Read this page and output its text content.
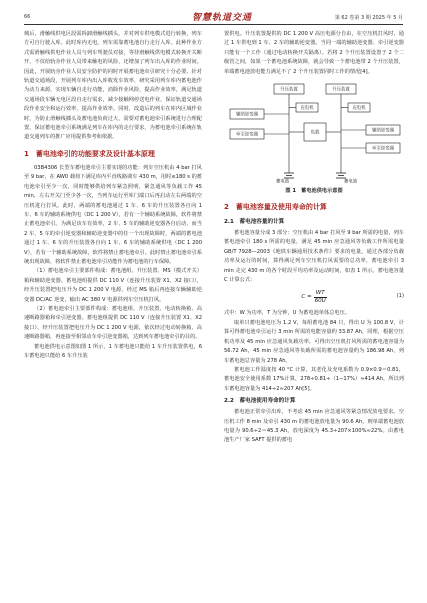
66	智慧轨道交通	第 62 卷第 3 期 2025 年 5 月

城后，滑触线供电区段需拆卸滑触线插头，并对列车供电模式进行转换，列车方可自行驶入库。此时库内无电，列车需靠蓄电池自行走行入库。此种作业方式需滑触线供电作业人员与列车驾驶员对接，等待滑触线供电模式转换开关断开，不仅给轨旁作业人员带来触电的风险，还增加了列车出入库的作业时间。因此，开展轨旁作业人员安全防护的同时开展蓄电池牵引研究十分必要。针对轨道交通场段，开展列车库内出入库收发车效率，研究采用列车库内蓄电池作为动力来源，实现车辆自走行功能，消除作业风险，提高作业效率，满足轨道交通场段车辆无电区段自走行需求，减少接触网停送电作业，保证轨道交通场段作业安全和运行效率，提高作业效率。同时，改造后的列车在库内区域作业时，为防止滑触线插头及蓄电池负荷过大，需要对蓄电池牵引系统进行合理配置，保证蓄电池牵引系统满足列车在库内的走行要求，为蓄电池牵引系统在轨道交通列车的推广应用提供参考和依据。

1　蓄电池牵引的功能要求及设计基本原理

03B4306 长型车蓄电池牵引主要实现的功能：列车空压机由 4 bar 打风至 9 bar，在 AW0 载荷下满足库内平直线路调车 430 m，用时≤180 s 的蓄电池牵引至少一次，同时能够供给列车紧急照明、紧急通风等负载工作 45 min，左右开关门至少各一次，当列车运行至库门端口后再启动左右两端的空压机进行打风。此时，两端的蓄电池通过 1 车、6 车的升压装置各自向 1 车、6 车的辅助系统供电（DC 1 200 V），若有一个辅助系统故障，软件将禁止蓄电池牵引。为满足该车有效率，2 车、5 车的辅助逆变器各自启动，而当 2 车、5 车的牵引逆变器和辅助逆变器中的任一个出现故障时，两端的蓄电池通过 1 车、6 车的升压装置各自向 1 车、6 车的辅助系统供电（DC 1 200 V），若有一个辅助系统故障，软件将禁止蓄电池牵引。此时禁止蓄电池牵引系统出现故障，将软件禁止蓄电池牵引功能作为蓄电池的行车保障。

（1）蓄电池牵引主要部件构成：蓄电池组、升压装置、MS（模式开关）箱和辅助逆变器。蓄电池组提供 DC 110 V（连接升压装置 X1、X2 接口），经升压装置把电压升为 DC 1 200 V 电源，经过 MS 箱后再连接车辆辅助逆变器 DC/AC 逆变，输出 AC 380 V 电源供列车空压机打风。

（2）蓄电池牵引主要部件构成：蓄电池组、升压装置、电动转换箱、高速断路器箱和牵引逆变器。蓄电池组提供 DC 110 V（连接升压装置 X1、X2 接口），经升压装置把电压升为 DC 1 200 V 电源，依次经过电动转换箱、高速断路器箱，再连接至相邻动车牵引逆变器箱，达到列车蓄电池牵引的目的。

蓄电池供电示意图如图 1 所示，1 车蓄电池只能给 1 车升压装置供电，6 车蓄电池只能给 6 车升压装

置供电。升压装置提供的 DC 1 200 V 高压电源分自由，在空压机打风时，通过 1 车供电到 1 车、2 车的辅助逆变器。当同一端的辅助逆变器、牵引逆变器只能有一个工作（通过电动转换开关隔离）。若将 2 个升压装置设置于 2 个二级管之间，如果一个蓄电池系统故障，就会导致一个蓄电池带 2 个升压装置，单端蓄电池放电能力满足不了 2 个升压装置同时工作的情况[4]。

升压装置	升压装置
充电机	充电机
负载
辅助逆变器
牵引逆变器
辅助逆变器
牵引逆变器
蓄电池	蓄电池
图 1　蓄电池供电示意图
2　蓄电池容量及使用寿命的计算
2.1　蓄电池容量的计算

蓄电池容量分成 3 部分：空压机由 4 bar 打风至 9 bar 所需的电量，列车蓄电池牵引 180 s 所需的电量，满足 45 min 应急通风等负载工作所需电量 GB/T 7928—2003《地铁车辆通用技术条件》要求的电量。通过各部分负载功率及运行的时间，算得满足列车空压机打风需要的总功率，蓄电池牵引 3 min 走完 430 m 的各个时段平均功率及运动时间，如表 1 所示。蓄电池容量 C 计算公式：

$C = \frac{WT}{60U}$	(1)

式中：W 为功率，T 为分钟，U 为蓄电池单体总电压。

取单只蓄电池电压为 1.2 V，每组蓄电池 84 只，得出 U 为 100.8 V，计算可得蓄电池牵引运行 3 min 所需的电能容量约 33.87 Ah，同理，根据空压机功率及 45 min 应急通风负载功率，可得出空压机打风所需的蓄电池容量为 56.72 Ah，45 min 应急通风等负载所需的蓄电池容量约为 186.98 Ah，列车蓄电池总容量为 278 Ah。

蓄电池工作温度按 40 °C 计算，其老化及充电系数为 0.9×0.9＝0.81，蓄电池安全使用系数 17%计算，278÷0.81÷（1−17%）≈414 Ah，所以列车蓄电池容量为 414÷2≈207 Ah[5]。

2.2　蓄电池使用寿命的计算

蓄电池正常牵引出库，不考虑 45 min 应急通风等紧急情况放电要求。空压机工作 8 min 及牵引 430 m 的蓄电池放电量为 90.6 Ah，则单端蓄电池放电量为 90.6÷2＝45.3 Ah，放电深度为 45.3÷207×100%≈22%。由蓄电池生产厂家 SAFT 提供的蓄电
